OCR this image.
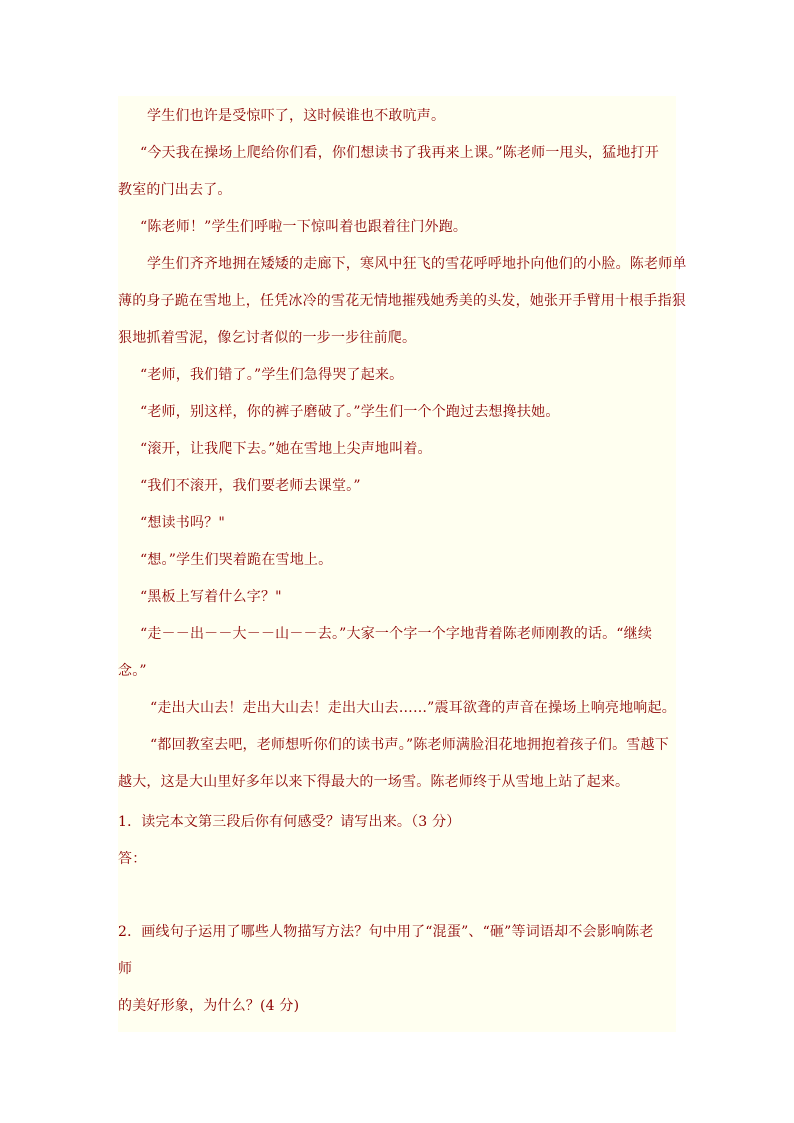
学生们也许是受惊吓了，这时候谁也不敢吭声。
“今天我在操场上爬给你们看，你们想读书了我再来上课。”陈老师一甩头，猛地打开
教室的门出去了。
“陈老师！”学生们呼啦一下惊叫着也跟着往门外跑。
学生们齐齐地拥在矮矮的走廊下，寒风中狂飞的雪花呼呼地扑向他们的小脸。陈老师单
薄的身子跪在雪地上，任凭冰冷的雪花无情地摧残她秀美的头发，她张开手臂用十根手指狠
狠地抓着雪泥，像乞讨者似的一步一步往前爬。
“老师，我们错了。”学生们急得哭了起来。
“老师，别这样，你的裤子磨破了。”学生们一个个跑过去想搀扶她。
“滚开，让我爬下去。”她在雪地上尖声地叫着。
“我们不滚开，我们要老师去课堂。”
“想读书吗？"
“想。”学生们哭着跪在雪地上。
“黑板上写着什么字？"
“走－－出－－大－－山－－去。”大家一个字一个字地背着陈老师刚教的话。“继续
念。”
“走出大山去！走出大山去！走出大山去……”震耳欲聋的声音在操场上响亮地响起。
“都回教室去吧，老师想听你们的读书声。”陈老师满脸泪花地拥抱着孩子们。雪越下
越大，这是大山里好多年以来下得最大的一场雪。陈老师终于从雪地上站了起来。
1．读完本文第三段后你有何感受？请写出来。（3 分）
答：
2．画线句子运用了哪些人物描写方法？句中用了“混蛋”、“砸”等词语却不会影响陈老
师
的美好形象，为什么？(4 分)
